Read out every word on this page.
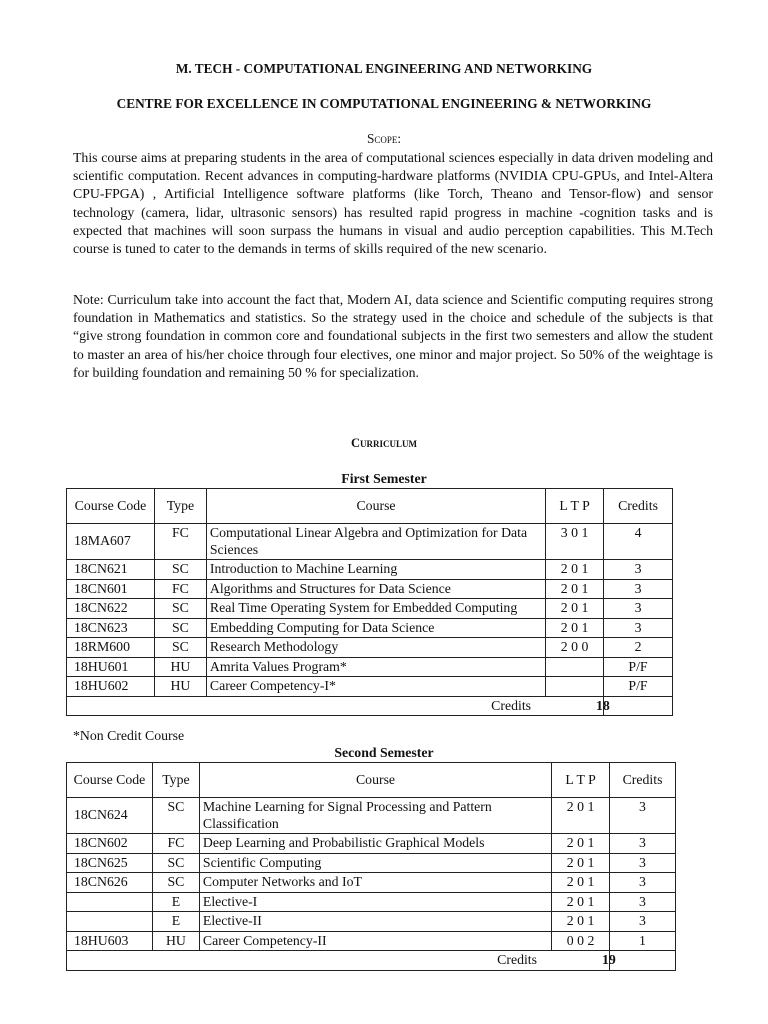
M. TECH - COMPUTATIONAL ENGINEERING AND NETWORKING
CENTRE FOR EXCELLENCE IN COMPUTATIONAL ENGINEERING & NETWORKING
Scope:
This course aims at preparing students in the area of computational sciences especially in data driven modeling and scientific computation. Recent advances in computing-hardware platforms (NVIDIA CPU-GPUs, and Intel-Altera CPU-FPGA) , Artificial Intelligence software platforms (like Torch, Theano and Tensor-flow) and sensor technology (camera, lidar, ultrasonic sensors) has resulted rapid progress in machine -cognition tasks and is expected that machines will soon surpass the humans in visual and audio perception capabilities. This M.Tech course is tuned to cater to the demands in terms of skills required of the new scenario.
Note: Curriculum take into account the fact that, Modern AI, data science and Scientific computing requires strong foundation in Mathematics and statistics. So the strategy used in the choice and schedule of the subjects is that “give strong foundation in common core and foundational subjects in the first two semesters and allow the student to master an area of his/her choice through four electives, one minor and major project. So 50% of the weightage is for building foundation and remaining 50 % for specialization.
Curriculum
First Semester
Course Code	Type	Course	L T P	Credits
18MA607	FC	Computational Linear Algebra and Optimization for Data Sciences	3 0 1	4
18CN621	SC	Introduction to Machine Learning	2 0 1	3
18CN601	FC	Algorithms and Structures for Data Science	2 0 1	3
18CN622	SC	Real Time Operating System for Embedded Computing	2 0 1	3
18CN623	SC	Embedding Computing for Data Science	2 0 1	3
18RM600	SC	Research Methodology	2 0 0	2
18HU601	HU	Amrita Values Program*		P/F
18HU602	HU	Career Competency-I*		P/F
Credits				18
*Non Credit Course
Second Semester
Course Code	Type	Course	L T P	Credits
18CN624	SC	Machine Learning for Signal Processing and Pattern Classification	2 0 1	3
18CN602	FC	Deep Learning and Probabilistic Graphical Models	2 0 1	3
18CN625	SC	Scientific Computing	2 0 1	3
18CN626	SC	Computer Networks and IoT	2 0 1	3
	E	Elective-I	2 0 1	3
	E	Elective-II	2 0 1	3
18HU603	HU	Career Competency-II	0 0 2	1
Credits				19
